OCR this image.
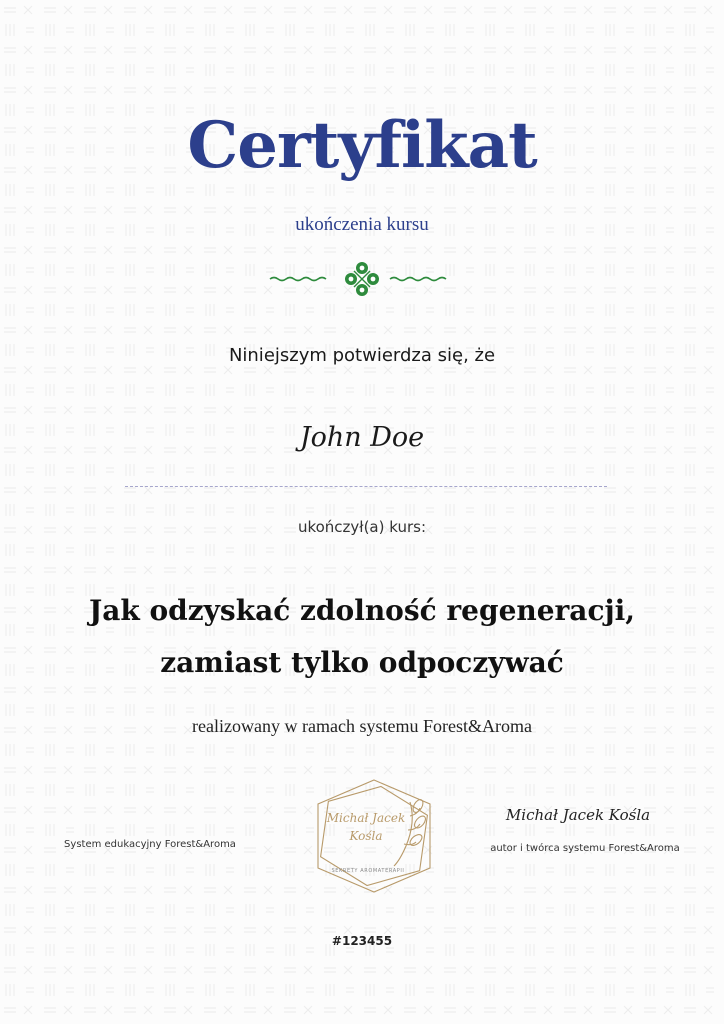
Certyfikat
ukończenia kursu
Niniejszym potwierdza się, że
John Doe
ukończył(a) kurs:
Jak odzyskać zdolność regeneracji,
zamiast tylko odpoczywać
realizowany w ramach systemu Forest&Aroma
System edukacyjny Forest&Aroma
Michał Jacek
Kośla
SEKRETY AROMATERAPII
Michał Jacek Kośla
autor i twórca systemu Forest&Aroma
#123455
